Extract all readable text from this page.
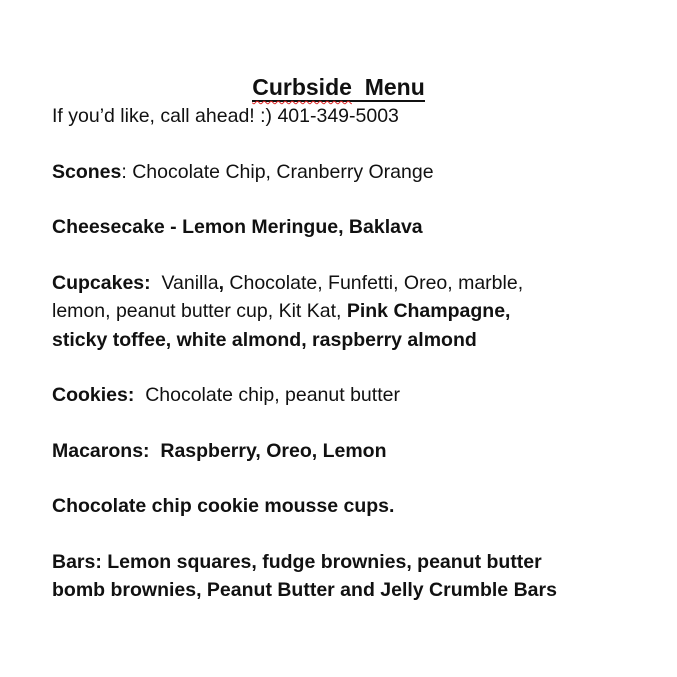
Curbside Menu
If you’d like, call ahead! :) 401-349-5003
Scones: Chocolate Chip, Cranberry Orange
Cheesecake - Lemon Meringue, Baklava
Cupcakes:  Vanilla, Chocolate, Funfetti, Oreo, marble,
lemon, peanut butter cup, Kit Kat, Pink Champagne,
sticky toffee, white almond, raspberry almond
Cookies:  Chocolate chip, peanut butter
Macarons:  Raspberry, Oreo, Lemon
Chocolate chip cookie mousse cups.
Bars: Lemon squares, fudge brownies, peanut butter
bomb brownies, Peanut Butter and Jelly Crumble Bars
